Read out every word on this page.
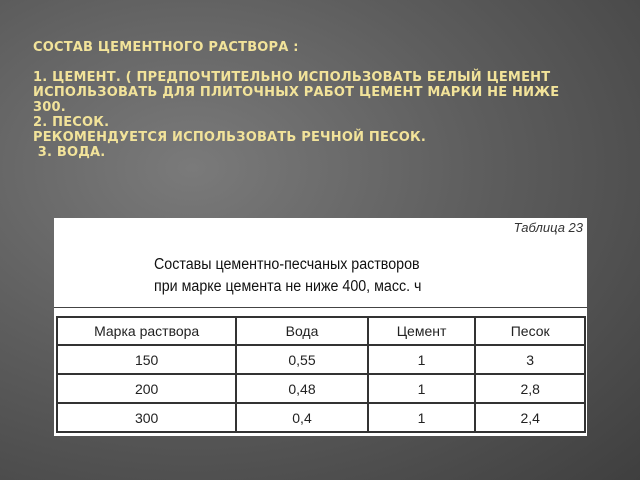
СОСТАВ ЦЕМЕНТНОГО РАСТВОРА :
1. ЦЕМЕНТ. ( ПРЕДПОЧТИТЕЛЬНО ИСПОЛЬЗОВАТЬ БЕЛЫЙ ЦЕМЕНТ
ИСПОЛЬЗОВАТЬ ДЛЯ ПЛИТОЧНЫХ РАБОТ ЦЕМЕНТ МАРКИ НЕ НИЖЕ
300.
2. ПЕСОК.
РЕКОМЕНДУЕТСЯ ИСПОЛЬЗОВАТЬ РЕЧНОЙ ПЕСОК.
3. ВОДА.
Таблица 23
Составы цементно-песчаных растворов
при марке цемента не ниже 400, масс. ч
Марка раствора	Вода	Цемент	Песок
150	0,55	1	3
200	0,48	1	2,8
300	0,4	1	2,4
